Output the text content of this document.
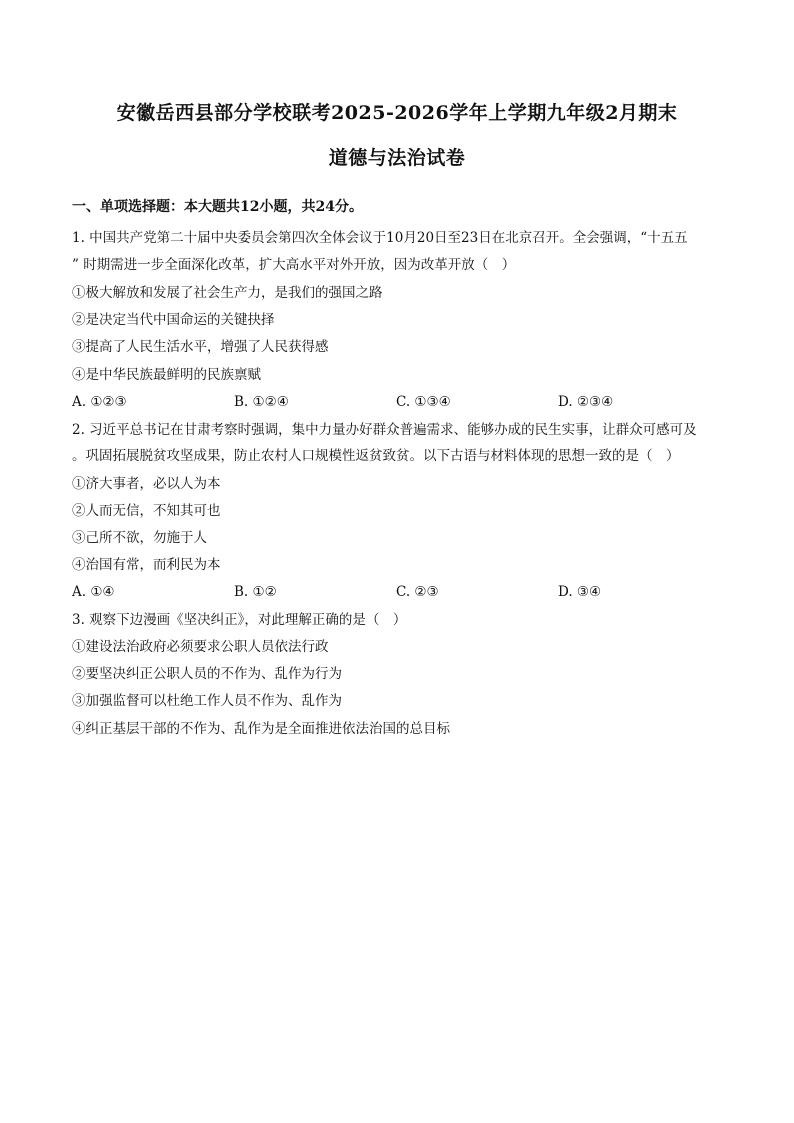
安徽岳西县部分学校联考2025-2026学年上学期九年级2月期末
道德与法治试卷
一、单项选择题：本大题共12小题，共24分。
1. 中国共产党第二十届中央委员会第四次全体会议于10月20日至23日在北京召开。全会强调，“十五五
” 时期需进一步全面深化改革，扩大高水平对外开放，因为改革开放（　）
①极大解放和发展了社会生产力，是我们的强国之路
②是决定当代中国命运的关键抉择
③提高了人民生活水平，增强了人民获得感
④是中华民族最鲜明的民族禀赋
A. ①②③	B. ①②④	C. ①③④	D. ②③④
2. 习近平总书记在甘肃考察时强调，集中力量办好群众普遍需求、能够办成的民生实事，让群众可感可及
。巩固拓展脱贫攻坚成果，防止农村人口规模性返贫致贫。以下古语与材料体现的思想一致的是（　）
①济大事者，必以人为本
②人而无信，不知其可也
③己所不欲，勿施于人
④治国有常，而利民为本
A. ①④	B. ①②	C. ②③	D. ③④
3. 观察下边漫画《坚决纠正》，对此理解正确的是（　）
①建设法治政府必须要求公职人员依法行政
②要坚决纠正公职人员的不作为、乱作为行为
③加强监督可以杜绝工作人员不作为、乱作为
④纠正基层干部的不作为、乱作为是全面推进依法治国的总目标
